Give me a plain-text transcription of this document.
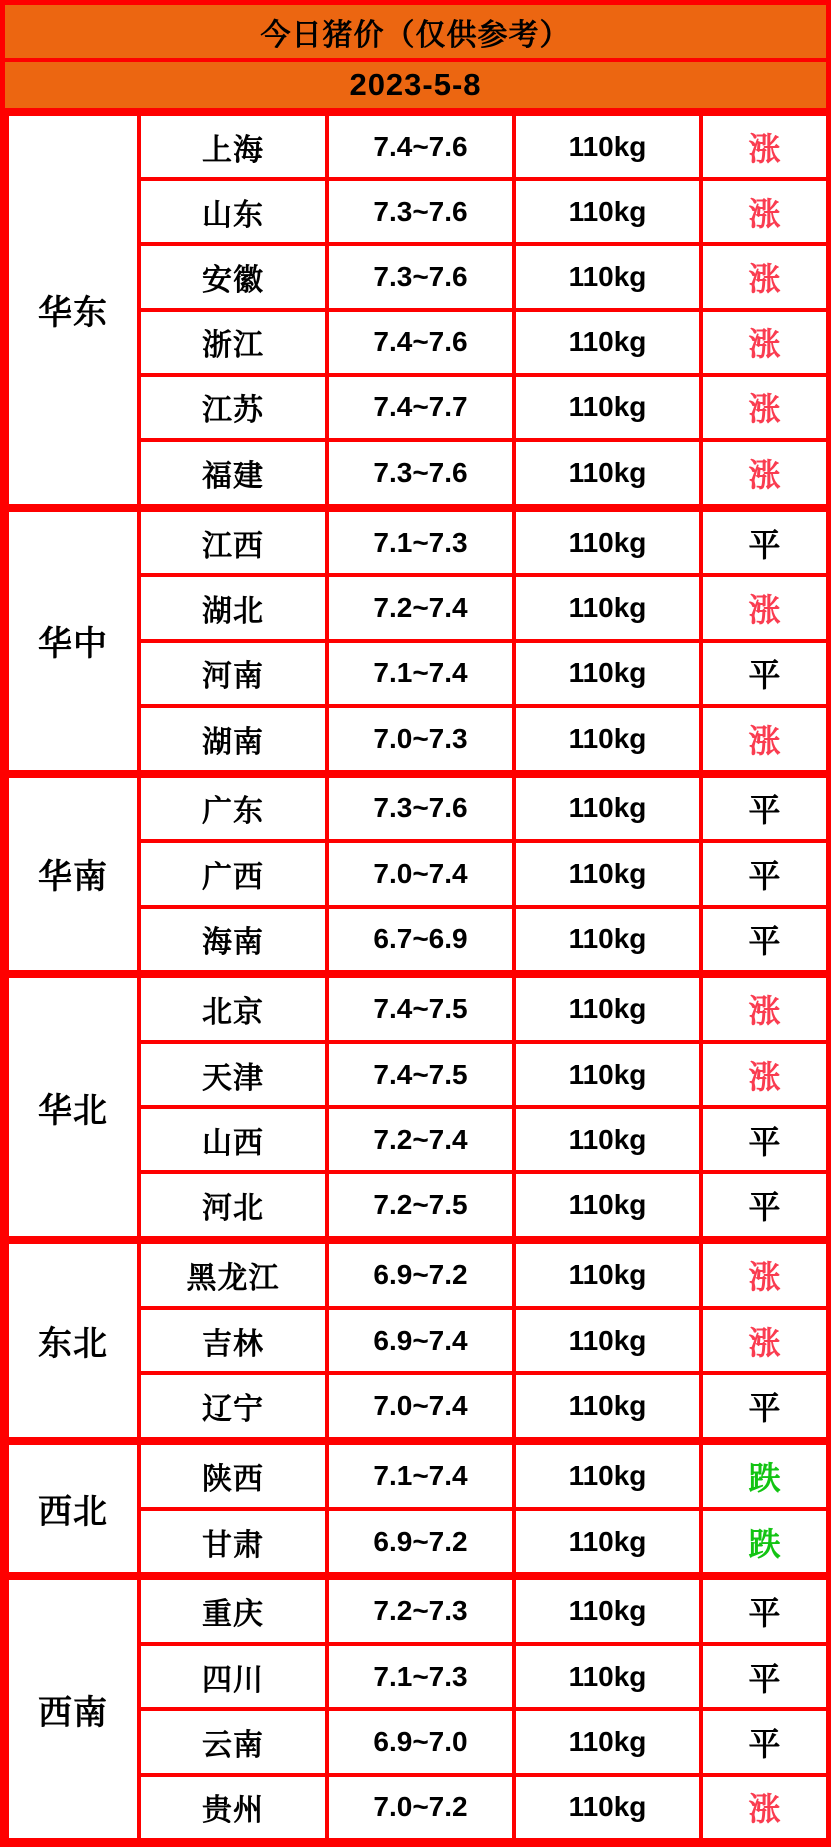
今日猪价（仅供参考）
2023-5-8
华东	上海	7.4~7.6	110kg	涨
	山东	7.3~7.6	110kg	涨
	安徽	7.3~7.6	110kg	涨
	浙江	7.4~7.6	110kg	涨
	江苏	7.4~7.7	110kg	涨
	福建	7.3~7.6	110kg	涨
华中	江西	7.1~7.3	110kg	平
	湖北	7.2~7.4	110kg	涨
	河南	7.1~7.4	110kg	平
	湖南	7.0~7.3	110kg	涨
华南	广东	7.3~7.6	110kg	平
	广西	7.0~7.4	110kg	平
	海南	6.7~6.9	110kg	平
华北	北京	7.4~7.5	110kg	涨
	天津	7.4~7.5	110kg	涨
	山西	7.2~7.4	110kg	平
	河北	7.2~7.5	110kg	平
东北	黑龙江	6.9~7.2	110kg	涨
	吉林	6.9~7.4	110kg	涨
	辽宁	7.0~7.4	110kg	平
西北	陕西	7.1~7.4	110kg	跌
	甘肃	6.9~7.2	110kg	跌
西南	重庆	7.2~7.3	110kg	平
	四川	7.1~7.3	110kg	平
	云南	6.9~7.0	110kg	平
	贵州	7.0~7.2	110kg	涨
